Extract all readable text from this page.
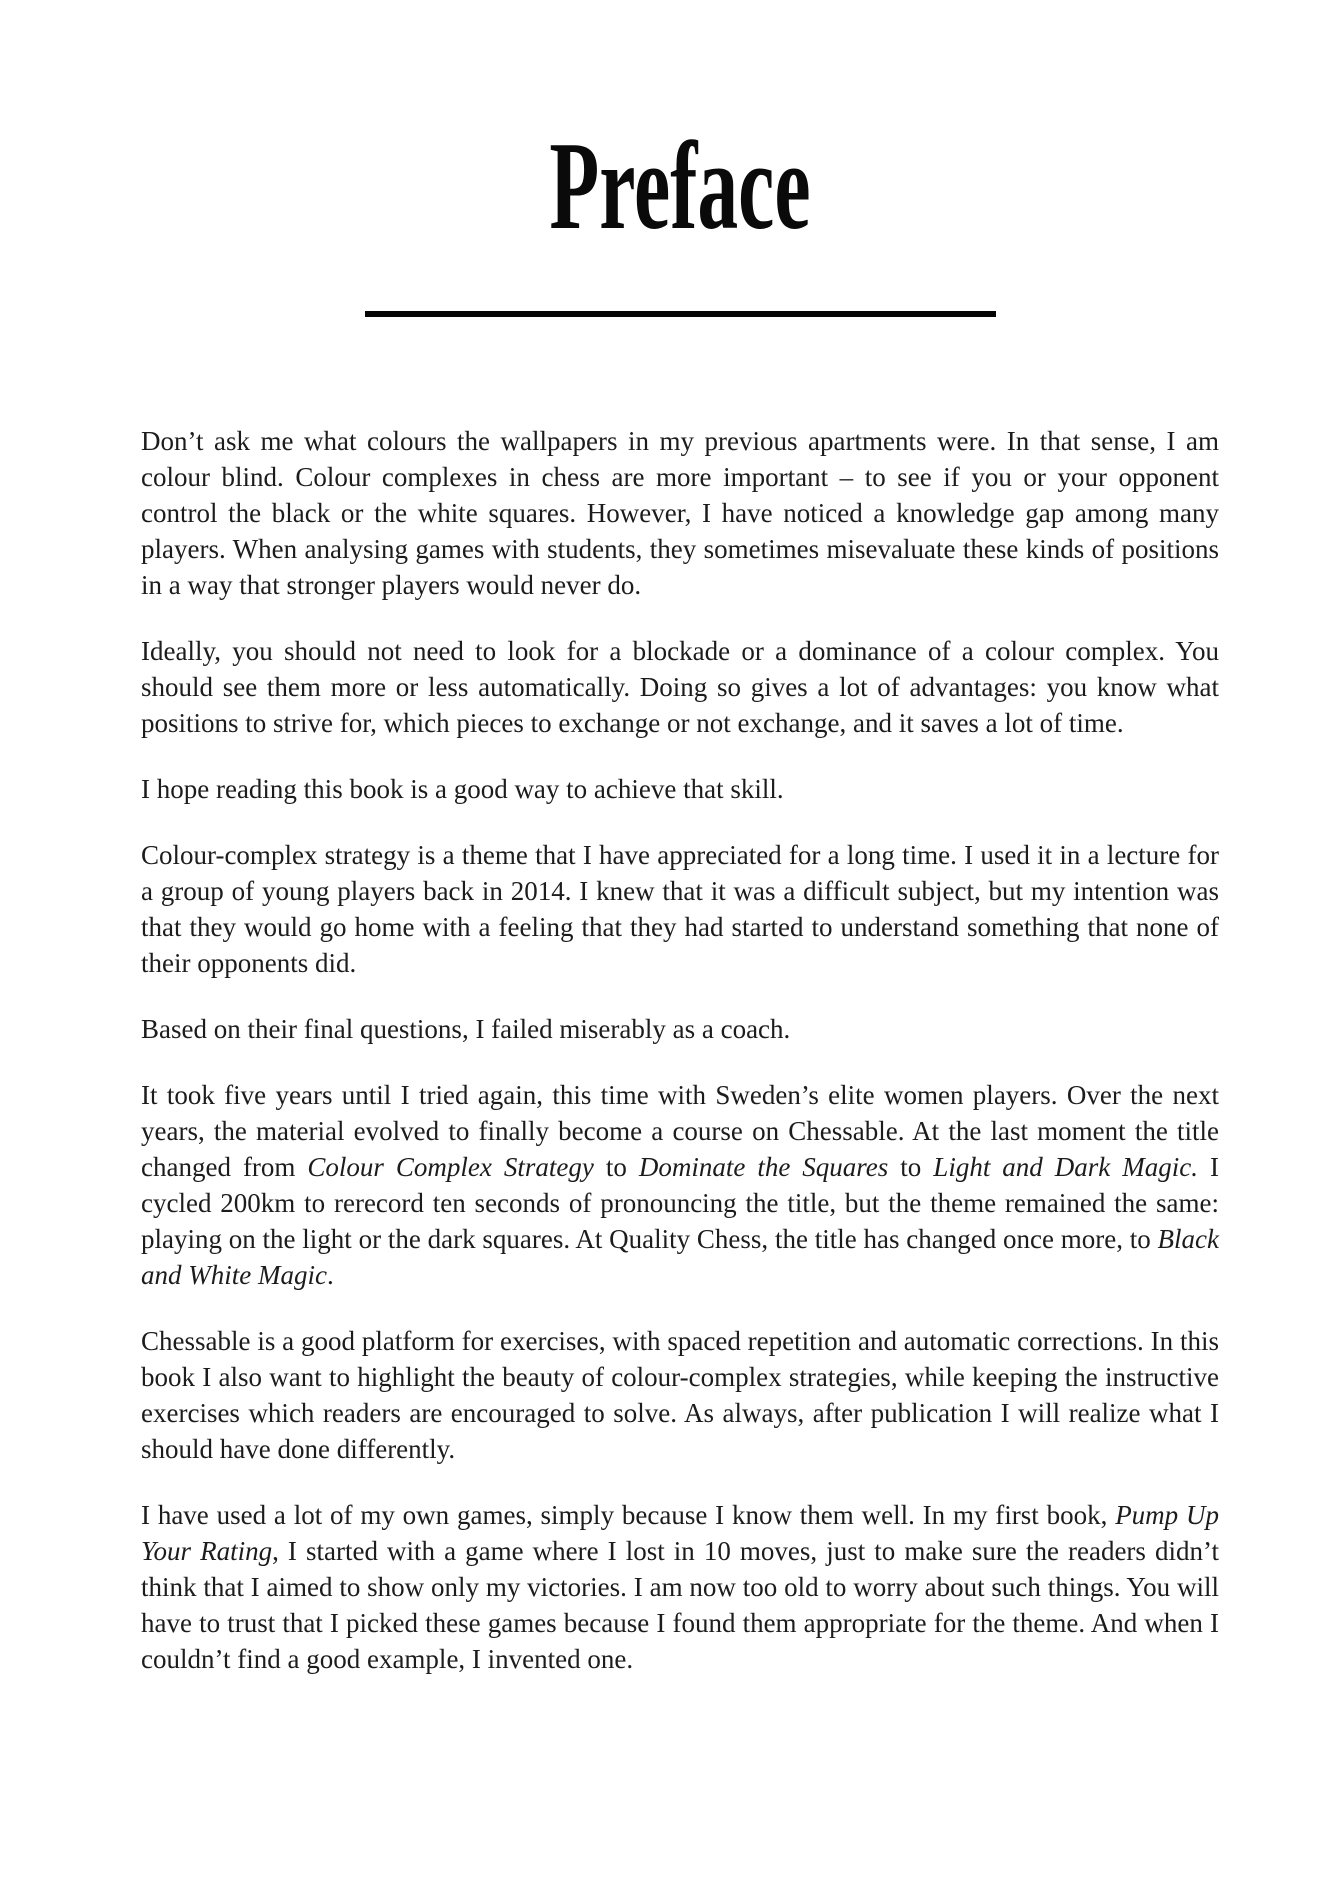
Preface

Don’t ask me what colours the wallpapers in my previous apartments were. In that sense, I am colour blind. Colour complexes in chess are more important – to see if you or your opponent control the black or the white squares. However, I have noticed a knowledge gap among many players. When analysing games with students, they sometimes misevaluate these kinds of positions in a way that stronger players would never do.

Ideally, you should not need to look for a blockade or a dominance of a colour complex. You should see them more or less automatically. Doing so gives a lot of advantages: you know what positions to strive for, which pieces to exchange or not exchange, and it saves a lot of time.

I hope reading this book is a good way to achieve that skill.

Colour-complex strategy is a theme that I have appreciated for a long time. I used it in a lecture for a group of young players back in 2014. I knew that it was a difficult subject, but my intention was that they would go home with a feeling that they had started to understand something that none of their opponents did.

Based on their final questions, I failed miserably as a coach.

It took five years until I tried again, this time with Sweden’s elite women players. Over the next years, the material evolved to finally become a course on Chessable. At the last moment the title changed from Colour Complex Strategy to Dominate the Squares to Light and Dark Magic. I cycled 200km to rerecord ten seconds of pronouncing the title, but the theme remained the same: playing on the light or the dark squares. At Quality Chess, the title has changed once more, to Black and White Magic.

Chessable is a good platform for exercises, with spaced repetition and automatic corrections. In this book I also want to highlight the beauty of colour-complex strategies, while keeping the instructive exercises which readers are encouraged to solve. As always, after publication I will realize what I should have done differently.

I have used a lot of my own games, simply because I know them well. In my first book, Pump Up Your Rating, I started with a game where I lost in 10 moves, just to make sure the readers didn’t think that I aimed to show only my victories. I am now too old to worry about such things. You will have to trust that I picked these games because I found them appropriate for the theme. And when I couldn’t find a good example, I invented one.
